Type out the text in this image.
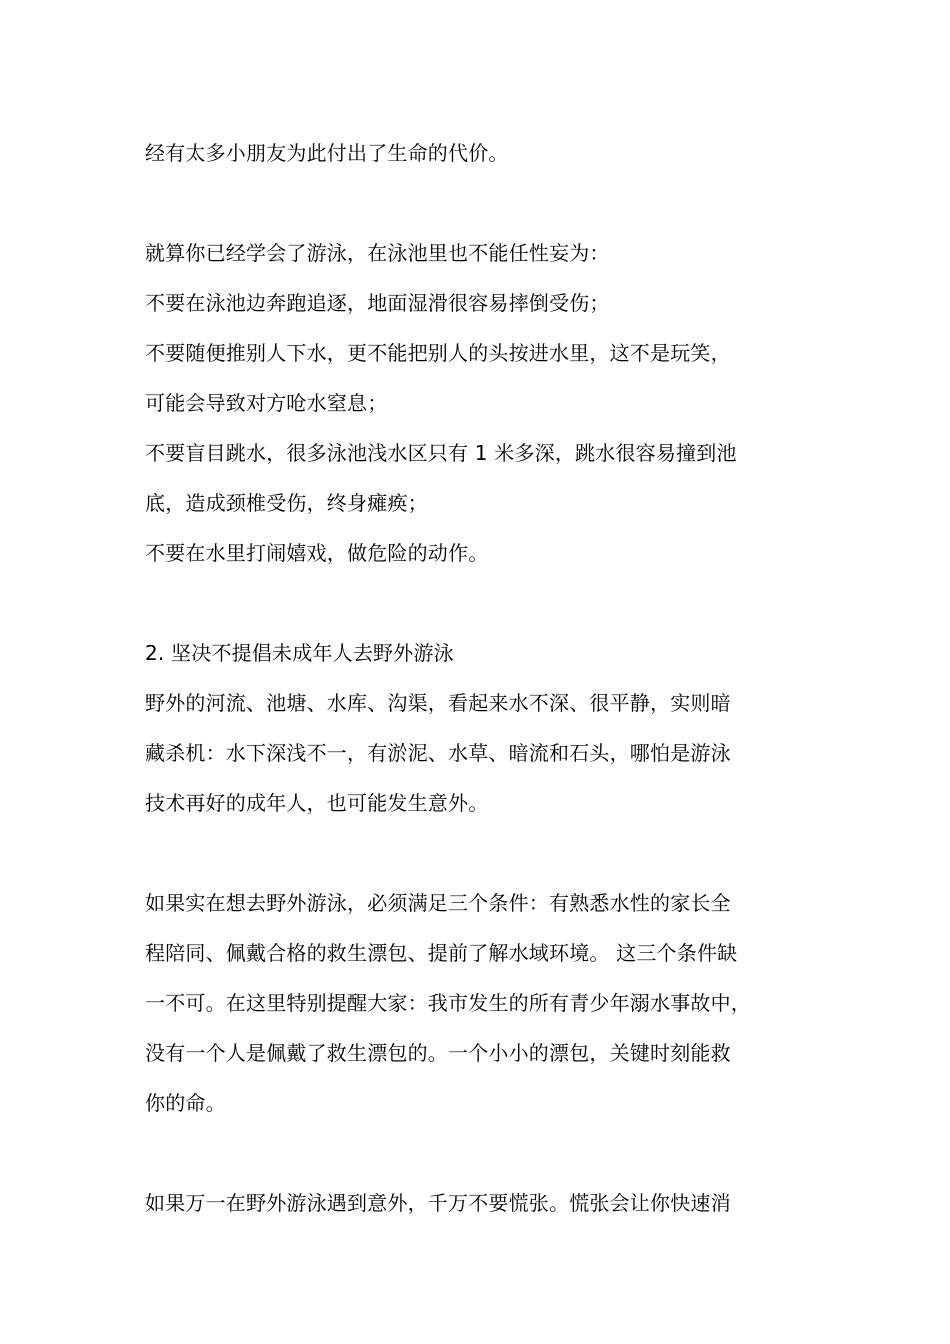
经有太多小朋友为此付出了生命的代价。
就算你已经学会了游泳，在泳池里也不能任性妄为：
不要在泳池边奔跑追逐，地面湿滑很容易摔倒受伤；
不要随便推别人下水，更不能把别人的头按进水里，这不是玩笑，
可能会导致对方呛水窒息；
不要盲目跳水，很多泳池浅水区只有 1 米多深，跳水很容易撞到池
底，造成颈椎受伤，终身瘫痪；
不要在水里打闹嬉戏，做危险的动作。
2. 坚决不提倡未成年人去野外游泳
野外的河流、池塘、水库、沟渠，看起来水不深、很平静，实则暗
藏杀机：水下深浅不一，有淤泥、水草、暗流和石头，哪怕是游泳
技术再好的成年人，也可能发生意外。
如果实在想去野外游泳，必须满足三个条件：有熟悉水性的家长全
程陪同、佩戴合格的救生漂包、提前了解水域环境。 这三个条件缺
一不可。在这里特别提醒大家：我市发生的所有青少年溺水事故中，
没有一个人是佩戴了救生漂包的。一个小小的漂包，关键时刻能救
你的命。
如果万一在野外游泳遇到意外，千万不要慌张。慌张会让你快速消
